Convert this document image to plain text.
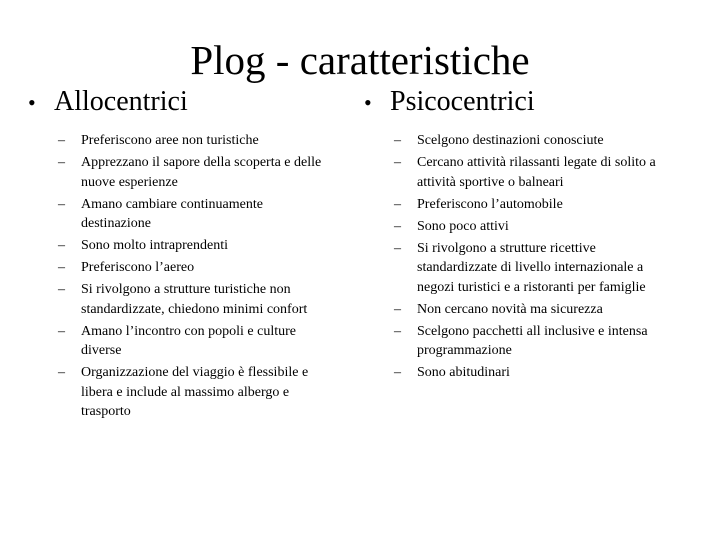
Plog - caratteristiche
• Allocentrici
– Preferiscono aree non turistiche
– Apprezzano il sapore della scoperta e delle nuove esperienze
– Amano cambiare continuamente destinazione
– Sono molto intraprendenti
– Preferiscono l’aereo
– Si rivolgono a strutture turistiche non standardizzate, chiedono minimi confort
– Amano l’incontro con popoli e culture diverse
– Organizzazione del viaggio è flessibile e libera e include al massimo albergo e trasporto
• Psicocentrici
– Scelgono destinazioni conosciute
– Cercano attività rilassanti legate di solito a attività sportive o balneari
– Preferiscono l’automobile
– Sono poco attivi
– Si rivolgono a strutture ricettive standardizzate di livello internazionale a negozi turistici e a ristoranti per famiglie
– Non cercano novità ma sicurezza
– Scelgono pacchetti all inclusive e intensa programmazione
– Sono abitudinari
